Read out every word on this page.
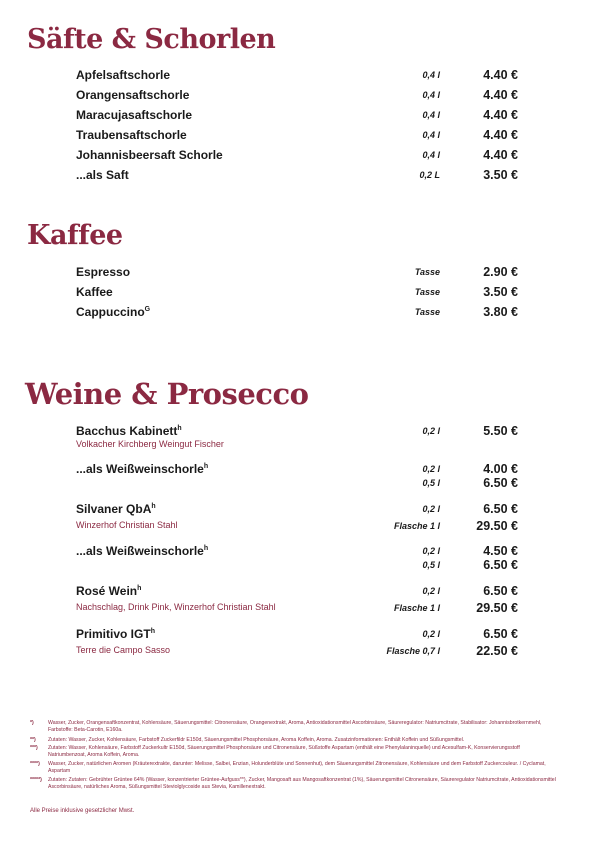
Säfte & Schorlen
Apfelsaftschorle	0,4 l	4.40 €
Orangensaftschorle	0,4 l	4.40 €
Maracujasaftschorle	0,4 l	4.40 €
Traubensaftschorle	0,4 l	4.40 €
Johannisbeersaft Schorle	0,4 l	4.40 €
...als Saft	0,2 L	3.50 €
Kaffee
Espresso	Tasse	2.90 €
Kaffee	Tasse	3.50 €
Cappuccino$^G$	Tasse	3.80 €
Weine & Prosecco
Bacchus Kabinett$^h$	0,2 l	5.50 €
Volkacher Kirchberg Weingut Fischer
...als Weißweinschorle$^h$	0,2 l	4.00 €
0,5 l	6.50 €
Silvaner QbA$^h$	0,2 l	6.50 €
Winzerhof Christian Stahl	Flasche 1 l	29.50 €
...als Weißweinschorle$^h$	0,2 l	4.50 €
0,5 l	6.50 €
Rosé Wein$^h$	0,2 l	6.50 €
Nachschlag, Drink Pink, Winzerhof Christian Stahl	Flasche 1 l	29.50 €
Primitivo IGT$^h$	0,2 l	6.50 €
Terre die Campo Sasso	Flasche 0,7 l	22.50 €
*)	Wasser, Zucker, Orangensaftkonzentrat, Kohlensäure, Säuerungsmittel: Citronensäure, Orangenextrakt, Aroma, Antioxidationsmittel Ascorbinsäure, Säureregulator: Natriumcitrate, Stabilisator: Johannisbrotkernmehl, Farbstoffe: Beta-Carotin, E160a.
**)	Zutaten: Wasser, Zucker, Kohlensäure, Farbstoff Zuckerfildr E150d, Säuerungsmittel Phosphorsäure, Aroma Koffein, Aroma. Zusatzinformationen: Enthält Koffein und Süßungsmittel.
***)	Zutaten: Wasser, Kohlensäure, Farbstoff Zuckerkultr E150d, Säuerungsmittel Phosphorsäure und Citronensäure, Süßstoffe Aspartam (enthält eine Phenylalaninquelle) und Acesulfam-K, Konservierungsstoff Natriumbenzoat, Aroma Koffein, Aroma.
****)	Wasser, Zucker, natürlichen Aromen (Kräuterextrakte, darunter: Melisse, Salbei, Enzian, Holunderblüte und Sonnenhut), dem Säuerungsmittel Zitronensäure, Kohlensäure und dem Farbstoff Zuckercouleur. / Cyclamat, Aspartam
*****)	Zutaten: Zutaten: Gebrühter Grüntee 64% (Wasser, konzentrierter Grüntee-Aufguss**), Zucker, Mangosaft aus Mangosaftkonzentrat (1%), Säuerungsmittel Citronensäure, Säureregulator Natriumcitrate, Antioxidationsmittel Ascorbinsäure, natürliches Aroma, Süßungsmittel Steviolglycoside aus Stevia, Kamillenextrakt.
Alle Preise inklusive gesetzlicher Mwst.
